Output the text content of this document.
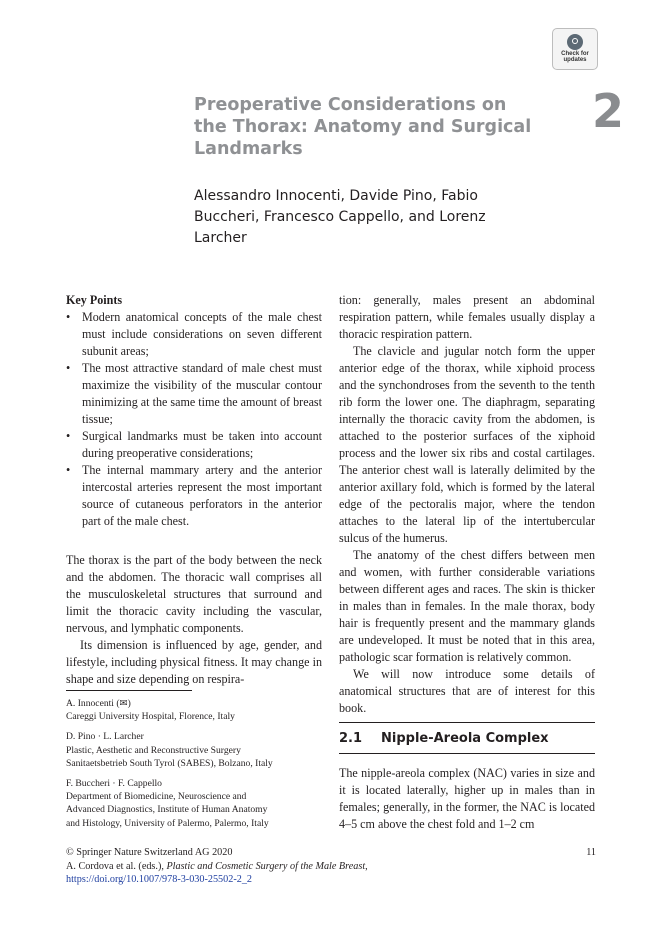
Check for
updates
2
Preoperative Considerations on the Thorax: Anatomy and Surgical Landmarks

Alessandro Innocenti, Davide Pino, Fabio Buccheri, Francesco Cappello, and Lorenz Larcher

Key Points
• Modern anatomical concepts of the male chest must include considerations on seven different subunit areas;
• The most attractive standard of male chest must maximize the visibility of the muscular contour minimizing at the same time the amount of breast tissue;
• Surgical landmarks must be taken into account during preoperative considerations;
• The internal mammary artery and the anterior intercostal arteries represent the most important source of cutaneous perforators in the anterior part of the male chest.

The thorax is the part of the body between the neck and the abdomen. The thoracic wall comprises all the musculoskeletal structures that surround and limit the thoracic cavity including the vascular, nervous, and lymphatic components.

Its dimension is influenced by age, gender, and lifestyle, including physical fitness. It may change in shape and size depending on respira-

tion: generally, males present an abdominal respiration pattern, while females usually display a thoracic respiration pattern.

The clavicle and jugular notch form the upper anterior edge of the thorax, while xiphoid process and the synchondroses from the seventh to the tenth rib form the lower one. The diaphragm, separating internally the thoracic cavity from the abdomen, is attached to the posterior surfaces of the xiphoid process and the lower six ribs and costal cartilages. The anterior chest wall is laterally delimited by the anterior axillary fold, which is formed by the lateral edge of the pectoralis major, where the tendon attaches to the lateral lip of the intertubercular sulcus of the humerus.

The anatomy of the chest differs between men and women, with further considerable variations between different ages and races. The skin is thicker in males than in females. In the male thorax, body hair is frequently present and the mammary glands are undeveloped. It must be noted that in this area, pathologic scar formation is relatively common.

We will now introduce some details of anatomical structures that are of interest for this book.

A. Innocenti (✉)
Careggi University Hospital, Florence, Italy
D. Pino · L. Larcher
Plastic, Aesthetic and Reconstructive Surgery
Sanitaetsbetrieb South Tyrol (SABES), Bolzano, Italy
F. Buccheri · F. Cappello
Department of Biomedicine, Neuroscience and
Advanced Diagnostics, Institute of Human Anatomy
and Histology, University of Palermo, Palermo, Italy
2.1 Nipple-Areola Complex

The nipple-areola complex (NAC) varies in size and it is located laterally, higher up in males than in females; generally, in the former, the NAC is located 4–5 cm above the chest fold and 1–2 cm

© Springer Nature Switzerland AG 2020
A. Cordova et al. (eds.), Plastic and Cosmetic Surgery of the Male Breast,
https://doi.org/10.1007/978-3-030-25502-2_2
11
